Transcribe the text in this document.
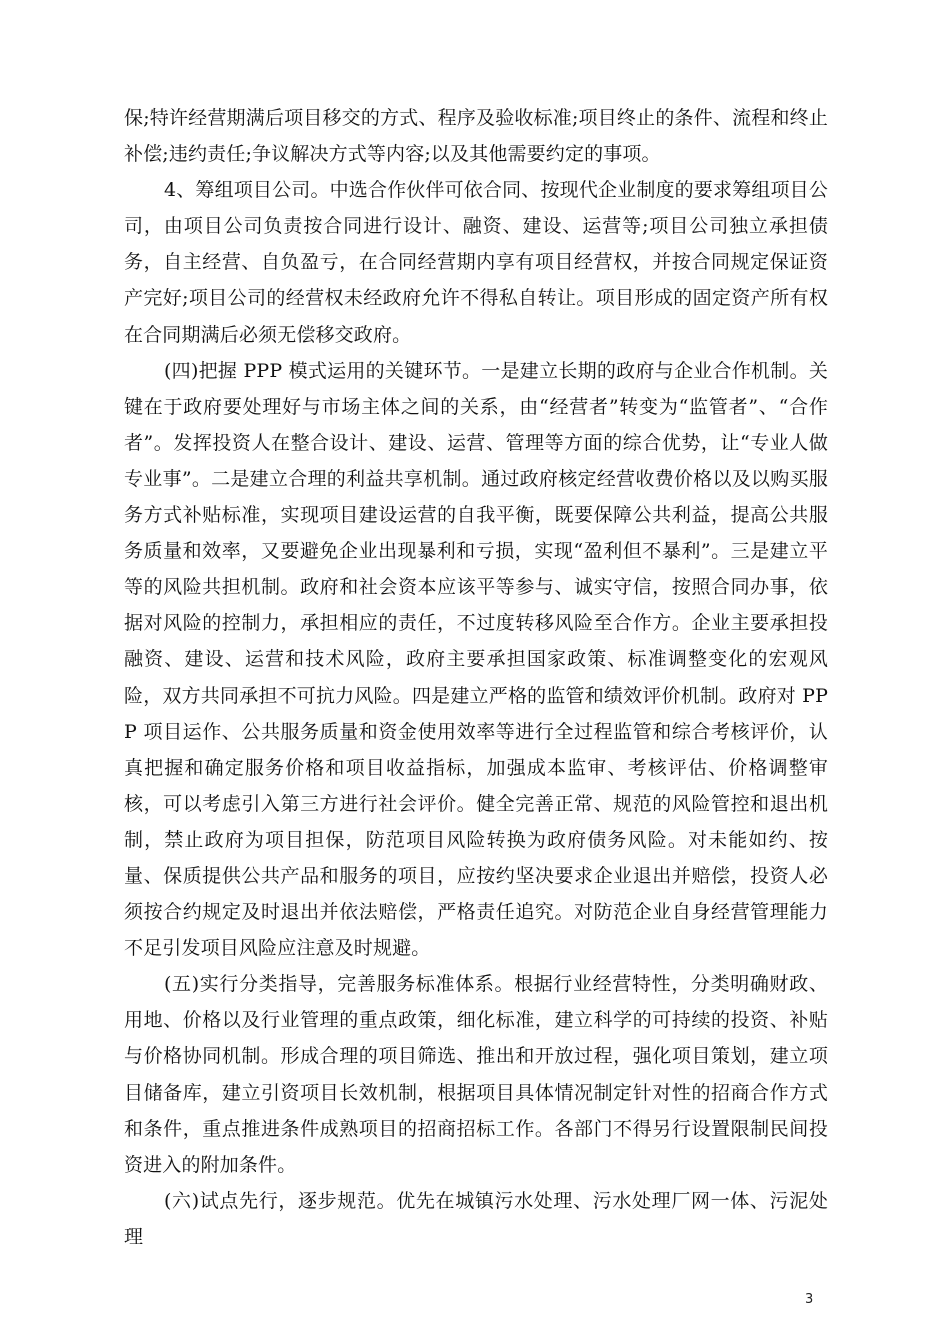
保;特许经营期满后项目移交的方式、程序及验收标准;项目终止的条件、流程和终止补偿;违约责任;争议解决方式等内容;以及其他需要约定的事项。

4、筹组项目公司。中选合作伙伴可依合同、按现代企业制度的要求筹组项目公司，由项目公司负责按合同进行设计、融资、建设、运营等;项目公司独立承担债务，自主经营、自负盈亏，在合同经营期内享有项目经营权，并按合同规定保证资产完好;项目公司的经营权未经政府允许不得私自转让。项目形成的固定资产所有权在合同期满后必须无偿移交政府。

(四)把握 PPP 模式运用的关键环节。一是建立长期的政府与企业合作机制。关键在于政府要处理好与市场主体之间的关系，由“经营者”转变为“监管者”、“合作者”。发挥投资人在整合设计、建设、运营、管理等方面的综合优势，让“专业人做专业事”。二是建立合理的利益共享机制。通过政府核定经营收费价格以及以购买服务方式补贴标准，实现项目建设运营的自我平衡，既要保障公共利益，提高公共服务质量和效率，又要避免企业出现暴利和亏损，实现“盈利但不暴利”。三是建立平等的风险共担机制。政府和社会资本应该平等参与、诚实守信，按照合同办事，依据对风险的控制力，承担相应的责任，不过度转移风险至合作方。企业主要承担投融资、建设、运营和技术风险，政府主要承担国家政策、标准调整变化的宏观风险，双方共同承担不可抗力风险。四是建立严格的监管和绩效评价机制。政府对 PPP 项目运作、公共服务质量和资金使用效率等进行全过程监管和综合考核评价，认真把握和确定服务价格和项目收益指标，加强成本监审、考核评估、价格调整审核，可以考虑引入第三方进行社会评价。健全完善正常、规范的风险管控和退出机制，禁止政府为项目担保，防范项目风险转换为政府债务风险。对未能如约、按量、保质提供公共产品和服务的项目，应按约坚决要求企业退出并赔偿，投资人必须按合约规定及时退出并依法赔偿，严格责任追究。对防范企业自身经营管理能力不足引发项目风险应注意及时规避。

(五)实行分类指导，完善服务标准体系。根据行业经营特性，分类明确财政、用地、价格以及行业管理的重点政策，细化标准，建立科学的可持续的投资、补贴与价格协同机制。形成合理的项目筛选、推出和开放过程，强化项目策划，建立项目储备库，建立引资项目长效机制，根据项目具体情况制定针对性的招商合作方式和条件，重点推进条件成熟项目的招商招标工作。各部门不得另行设置限制民间投资进入的附加条件。

(六)试点先行，逐步规范。优先在城镇污水处理、污水处理厂网一体、污泥处理

3
